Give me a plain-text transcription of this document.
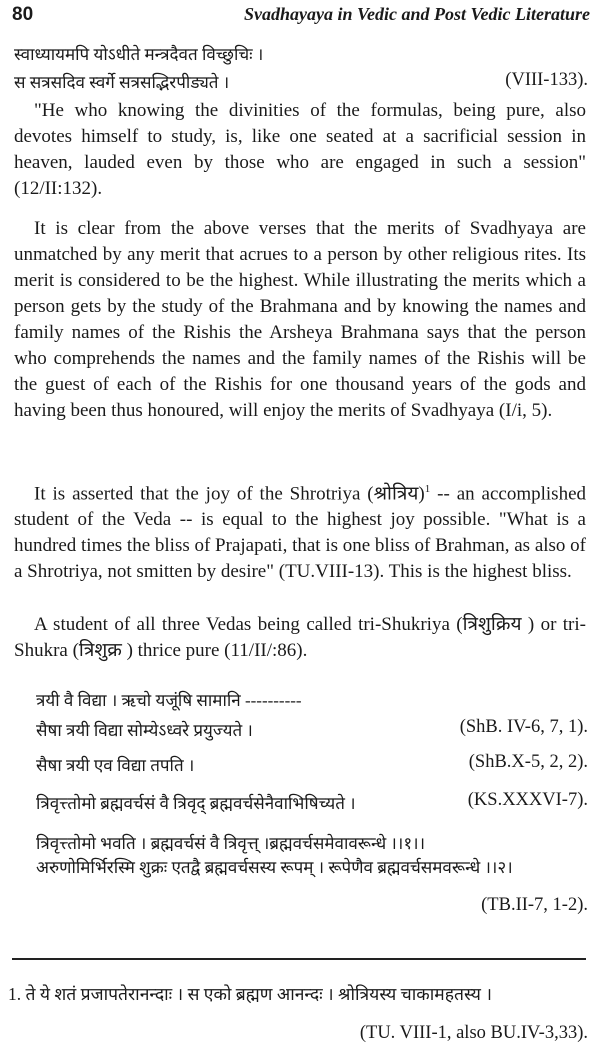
80	Svadhayaya in Vedic and Post Vedic Literature
स्वाध्यायमपि योऽधीते मन्त्रदैवत विच्छुचिः ।
स सत्रसदिव स्वर्गे सत्रसद्भिरपीड्यते ।	(VIII-133).
"He who knowing the divinities of the formulas, being pure, also devotes himself to study, is, like one seated at a sacrificial session in heaven, lauded even by those who are engaged in such a session" (12/II:132).
It is clear from the above verses that the merits of Svadhyaya are unmatched by any merit that acrues to a person by other religious rites. Its merit is considered to be the highest. While illustrating the merits which a person gets by the study of the Brahmana and by knowing the names and family names of the Rishis the Arsheya Brahmana says that the person who comprehends the names and the family names of the Rishis will be the guest of each of the Rishis for one thousand years of the gods and having been thus honoured, will enjoy the merits of Svadhyaya (I/i, 5).
It is asserted that the joy of the Shrotriya (श्रोत्रिय)$^1$ -- an accomplished student of the Veda -- is equal to the highest joy possible. "What is a hundred times the bliss of Prajapati, that is one bliss of Brahman, as also of a Shrotriya, not smitten by desire" (TU.VIII-13). This is the highest bliss.
A student of all three Vedas being called tri-Shukriya (त्रिशुक्रिय ) or tri-Shukra (त्रिशुक्र ) thrice pure (11/II/:86).
त्रयी वै विद्या । ऋचो यजूंषि सामानि ----------
सैषा त्रयी विद्या सोम्येऽध्वरे प्रयुज्यते ।	(ShB. IV-6, 7, 1).
सैषा त्रयी एव विद्या तपति ।	(ShB.X-5, 2, 2).
त्रिवृत्त्तोमो ब्रह्मवर्चसं वै त्रिवृद् ब्रह्मवर्चसेनैवाभिषिच्यते ।	(KS.XXXVI-7).
त्रिवृत्त्तोमो भवति । ब्रह्मवर्चसं वै त्रिवृत्त् ।ब्रह्मवर्चसमेवावरून्धे ।।१।।
अरुणोमिर्भिरस्मि शुक्रः एतद्वै ब्रह्मवर्चसस्य रूपम् । रूपेणैव ब्रह्मवर्चसमवरून्धे ।।२।
(TB.II-7, 1-2).
1. ते ये शतं प्रजापतेरानन्दाः । स एको ब्रह्मण आनन्दः । श्रोत्रियस्य चाकामहतस्य ।
(TU. VIII-1, also BU.IV-3,33).
